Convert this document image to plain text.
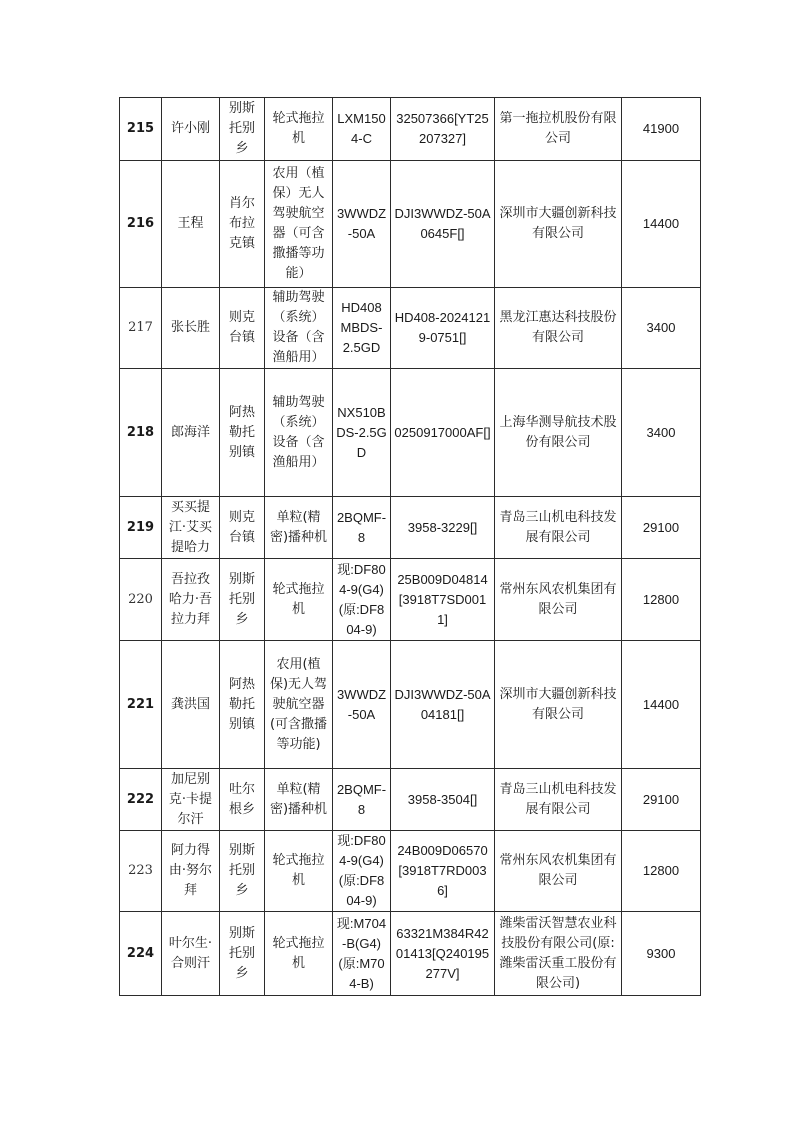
215	许小刚	别斯托别乡	轮式拖拉机	LXM1504-C	32507366[YT25207327]	第一拖拉机股份有限公司	41900
216	王程	肖尔布拉克镇	农用（植保）无人驾驶航空器（可含撒播等功能）	3WWDZ-50A	DJI3WWDZ-50A0645F[]	深圳市大疆创新科技有限公司	14400
217	张长胜	则克台镇	辅助驾驶（系统）设备（含渔船用）	HD408MBDS-2.5GD	HD408-20241219-0751[]	黑龙江惠达科技股份有限公司	3400
218	郎海洋	阿热勒托别镇	辅助驾驶（系统）设备（含渔船用）	NX510BDS-2.5GD	0250917000AF[]	上海华测导航技术股份有限公司	3400
219	买买提江·艾买提哈力	则克台镇	单粒(精密)播种机	2BQMF-8	3958-3229[]	青岛三山机电科技发展有限公司	29100
220	吾拉孜哈力·吾拉力拜	别斯托别乡	轮式拖拉机	现:DF804-9(G4)(原:DF804-9)	25B009D04814[3918T7SD0011]	常州东风农机集团有限公司	12800
221	龚洪国	阿热勒托别镇	农用(植保)无人驾驶航空器(可含撒播等功能)	3WWDZ-50A	DJI3WWDZ-50A04181[]	深圳市大疆创新科技有限公司	14400
222	加尼别克·卡提尔汗	吐尔根乡	单粒(精密)播种机	2BQMF-8	3958-3504[]	青岛三山机电科技发展有限公司	29100
223	阿力得由·努尔拜	别斯托别乡	轮式拖拉机	现:DF804-9(G4)(原:DF804-9)	24B009D06570[3918T7RD0036]	常州东风农机集团有限公司	12800
224	叶尔生·合则汗	别斯托别乡	轮式拖拉机	现:M704-B(G4)(原:M704-B)	63321M384R4201413[Q240195277V]	潍柴雷沃智慧农业科技股份有限公司(原:潍柴雷沃重工股份有限公司)	9300
